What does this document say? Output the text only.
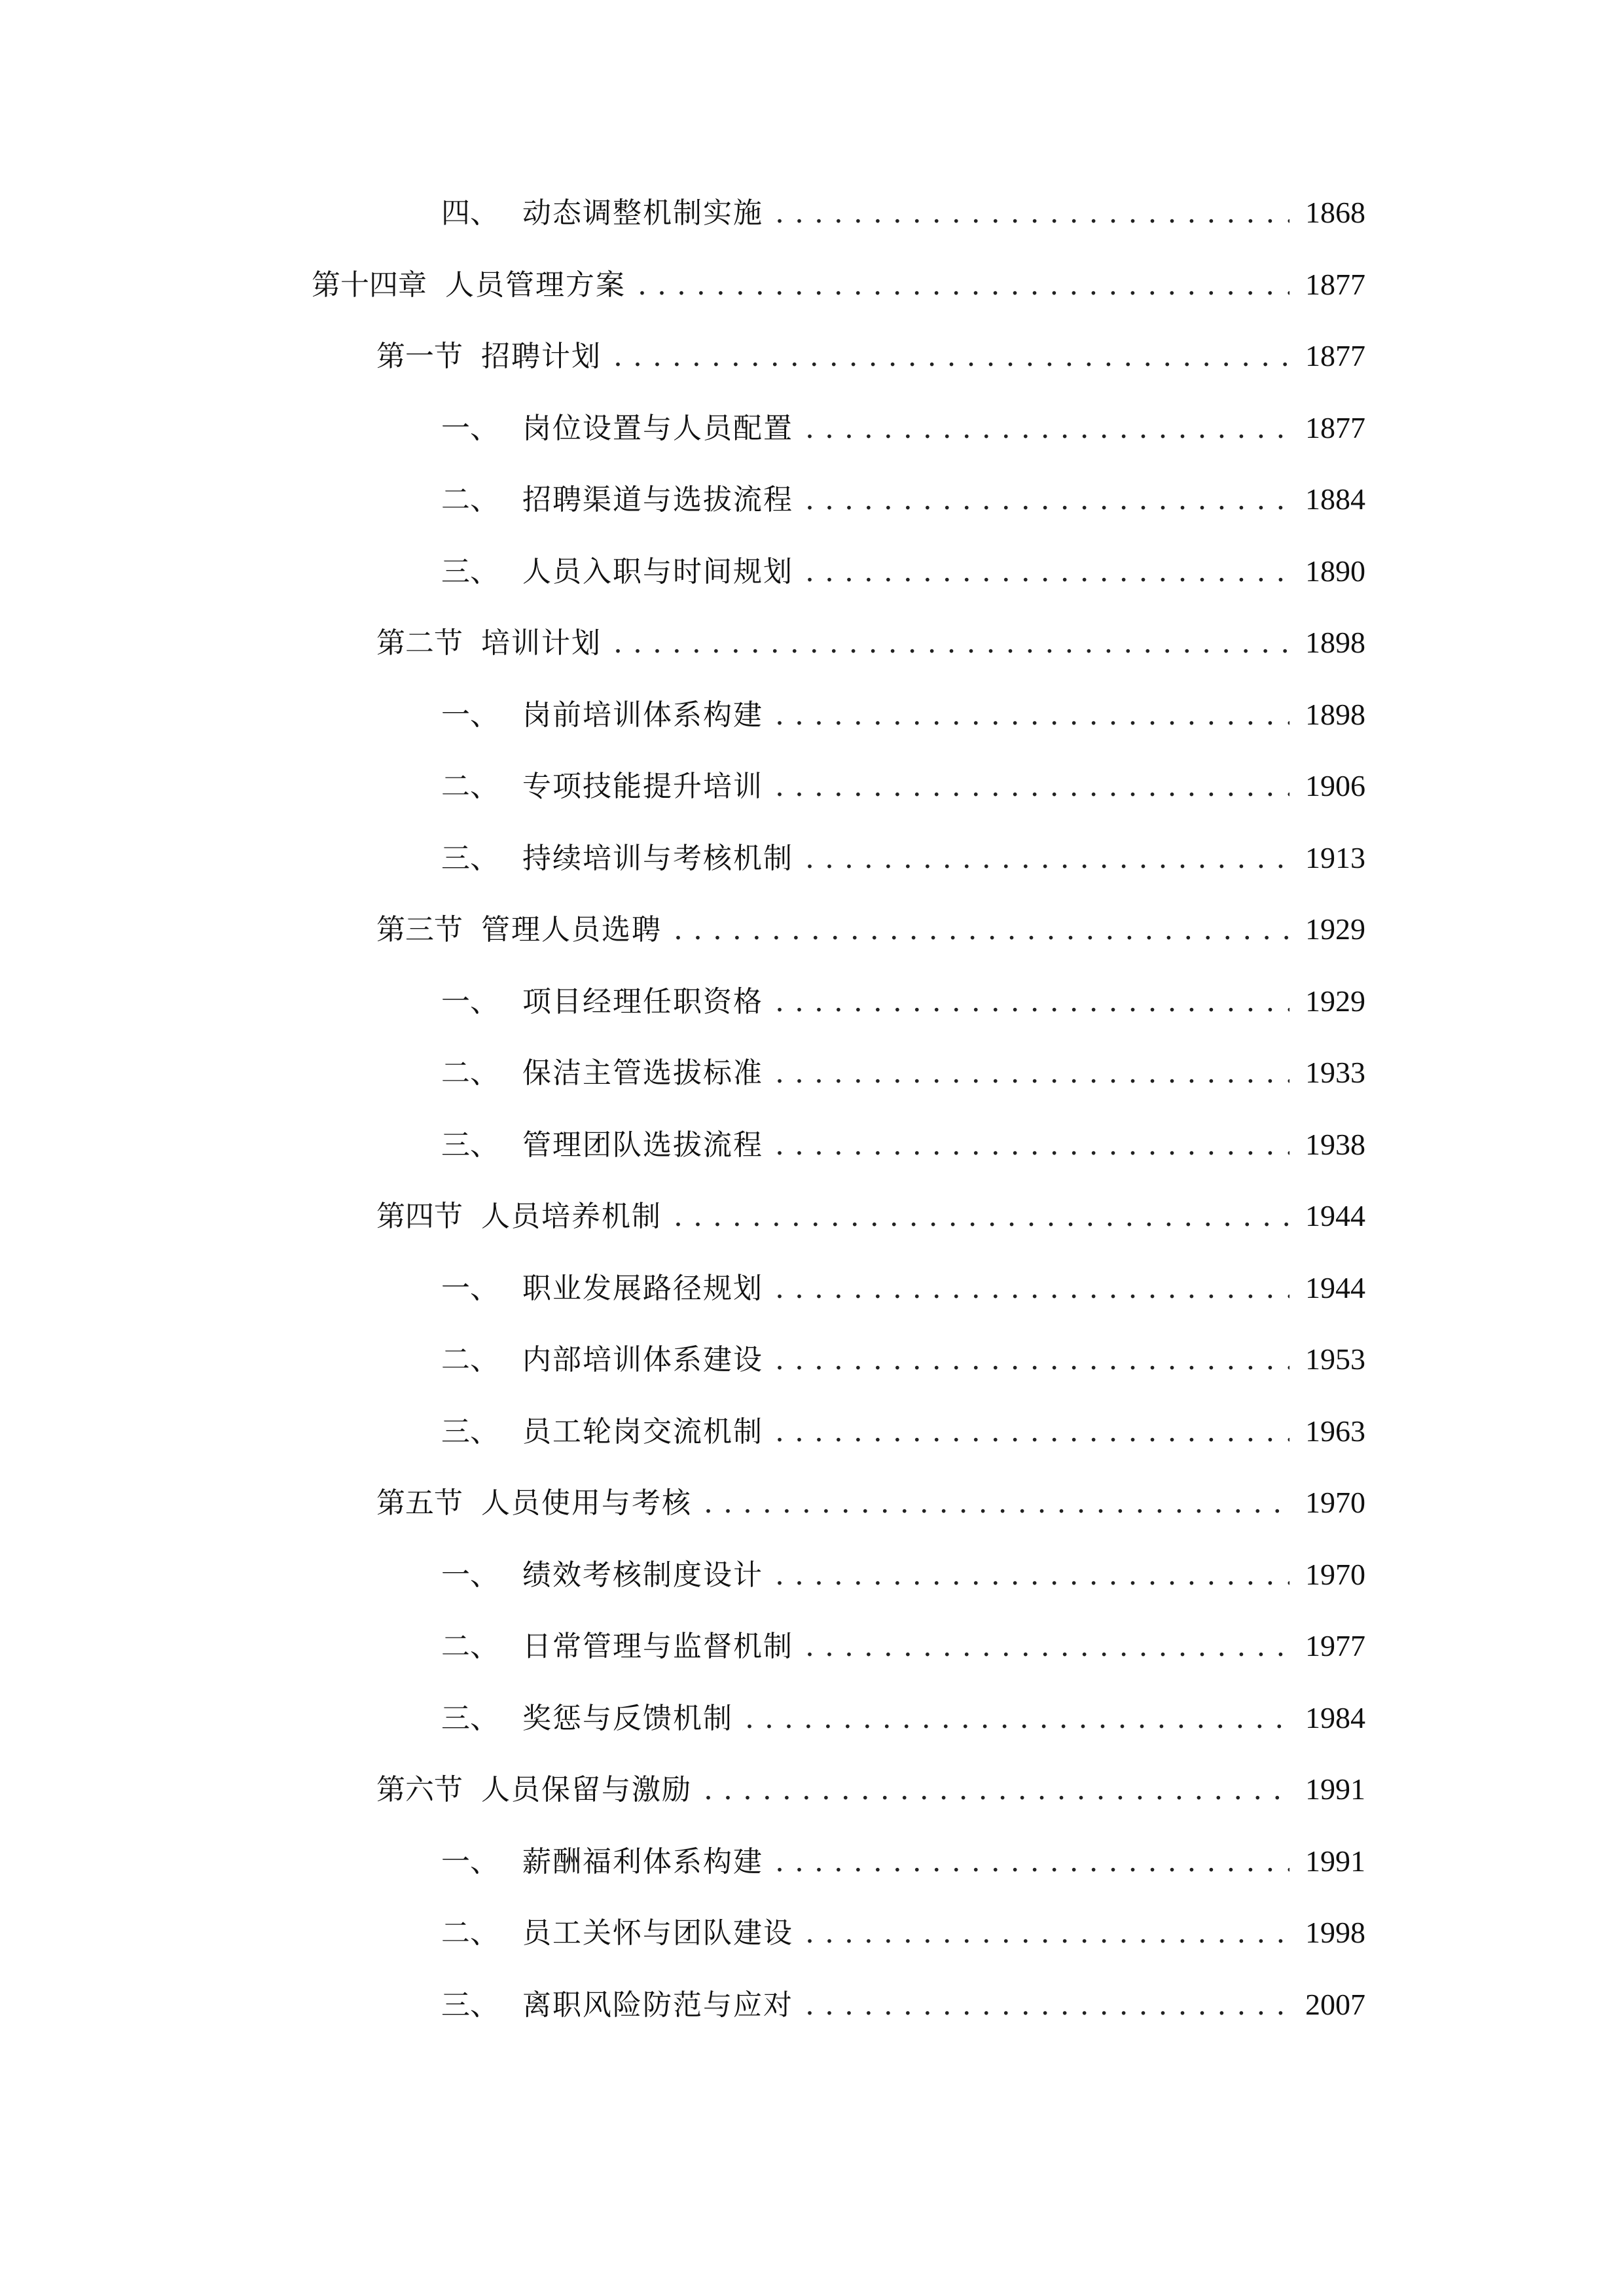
四、 动态调整机制实施 . . .	1868
第十四章 人员管理方案 . . .	1877
第一节 招聘计划 . . .	1877
一、 岗位设置与人员配置 . . .	1877
二、 招聘渠道与选拔流程 . . .	1884
三、 人员入职与时间规划 . . .	1890
第二节 培训计划 . . .	1898
一、 岗前培训体系构建 . . .	1898
二、 专项技能提升培训 . . .	1906
三、 持续培训与考核机制 . . .	1913
第三节 管理人员选聘 . . .	1929
一、 项目经理任职资格 . . .	1929
二、 保洁主管选拔标准 . . .	1933
三、 管理团队选拔流程 . . .	1938
第四节 人员培养机制 . . .	1944
一、 职业发展路径规划 . . .	1944
二、 内部培训体系建设 . . .	1953
三、 员工轮岗交流机制 . . .	1963
第五节 人员使用与考核 . . .	1970
一、 绩效考核制度设计 . . .	1970
二、 日常管理与监督机制 . . .	1977
三、 奖惩与反馈机制 . . .	1984
第六节 人员保留与激励 . . .	1991
一、 薪酬福利体系构建 . . .	1991
二、 员工关怀与团队建设 . . .	1998
三、 离职风险防范与应对 . . .	2007
